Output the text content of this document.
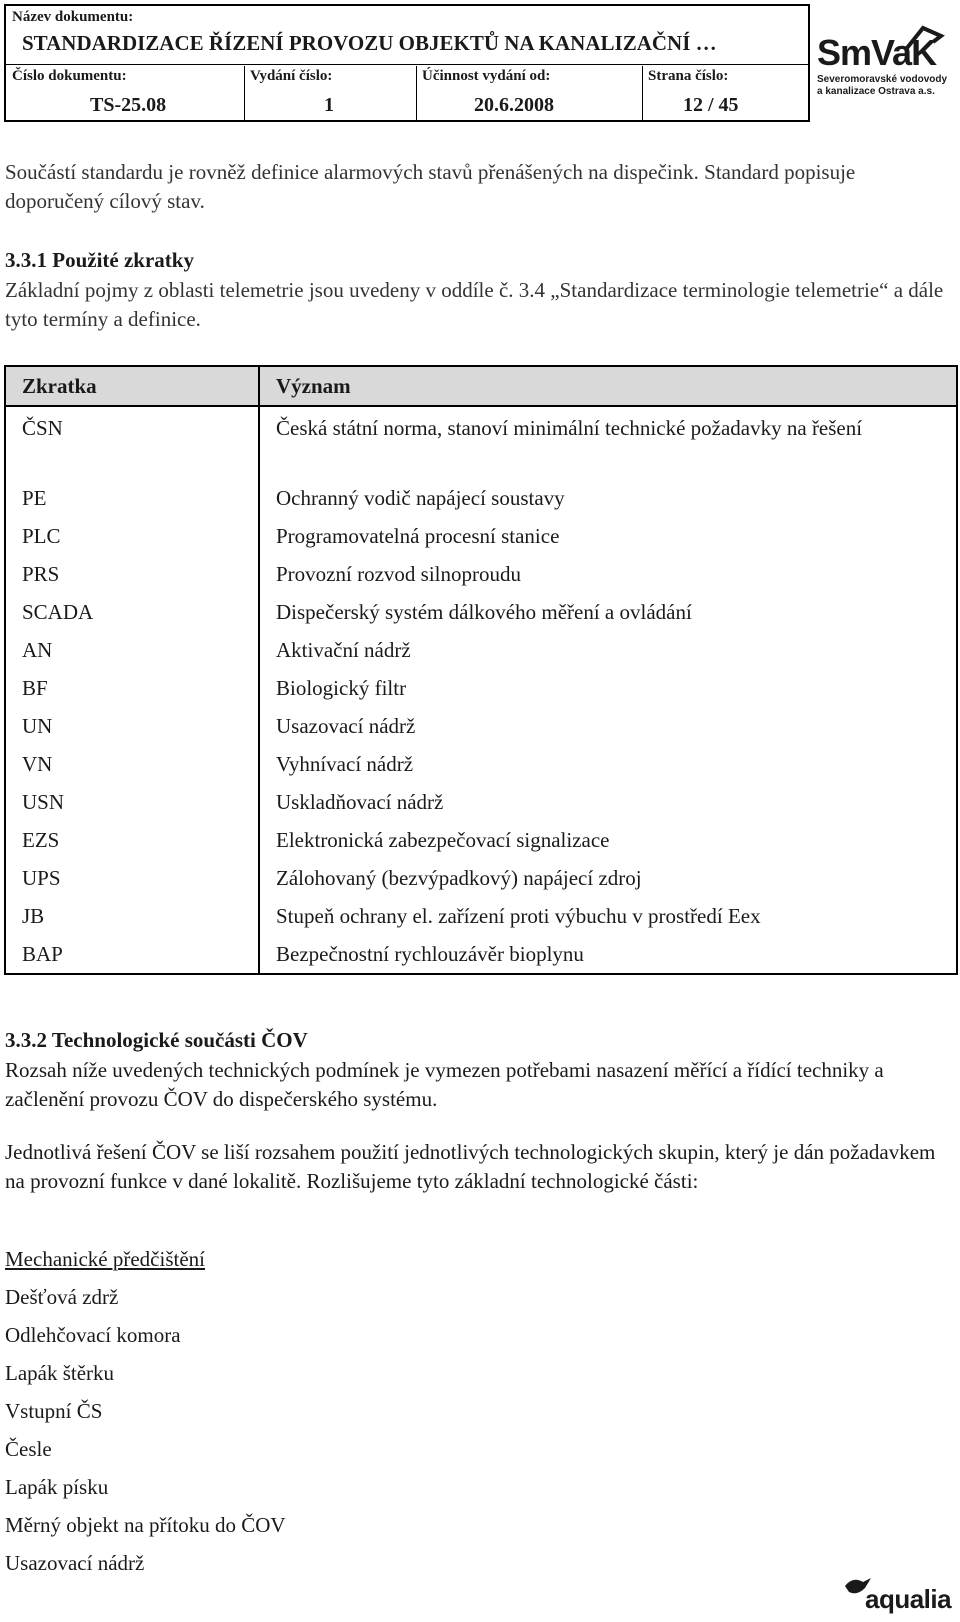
Název dokumentu:
STANDARDIZACE ŘÍZENÍ PROVOZU OBJEKTŮ NA KANALIZAČNÍ …
Číslo dokumentu:
TS-25.08
Vydání číslo:
1
Účinnost vydání od:
20.6.2008
Strana číslo:
12 / 45
SmVaK
Severomoravské vodovody
a kanalizace Ostrava a.s.
Součástí standardu je rovněž definice alarmových stavů přenášených na dispečink. Standard popisuje doporučený cílový stav.
3.3.1 Použité zkratky
Základní pojmy z oblasti telemetrie jsou uvedeny v oddíle č. 3.4 „Standardizace terminologie telemetrie“ a dále tyto termíny a definice.
Zkratka	Význam
ČSN	Česká státní norma, stanoví minimální technické požadavky na řešení
PE	Ochranný vodič napájecí soustavy
PLC	Programovatelná procesní stanice
PRS	Provozní rozvod silnoproudu
SCADA	Dispečerský systém dálkového měření a ovládání
AN	Aktivační nádrž
BF	Biologický filtr
UN	Usazovací nádrž
VN	Vyhnívací nádrž
USN	Uskladňovací nádrž
EZS	Elektronická zabezpečovací signalizace
UPS	Zálohovaný (bezvýpadkový) napájecí zdroj
JB	Stupeň ochrany el. zařízení proti výbuchu v prostředí Eex
BAP	Bezpečnostní rychlouzávěr bioplynu
3.3.2 Technologické součásti ČOV
Rozsah níže uvedených technických podmínek je vymezen potřebami nasazení měřící a řídící techniky a začlenění provozu ČOV do dispečerského systému.
Jednotlivá řešení ČOV se liší rozsahem použití jednotlivých technologických skupin, který je dán požadavkem na provozní funkce v dané lokalitě. Rozlišujeme tyto základní technologické části:
Mechanické předčištění
Dešťová zdrž
Odlehčovací komora
Lapák štěrku
Vstupní ČS
Česle
Lapák písku
Měrný objekt na přítoku do ČOV
Usazovací nádrž
aqualia
